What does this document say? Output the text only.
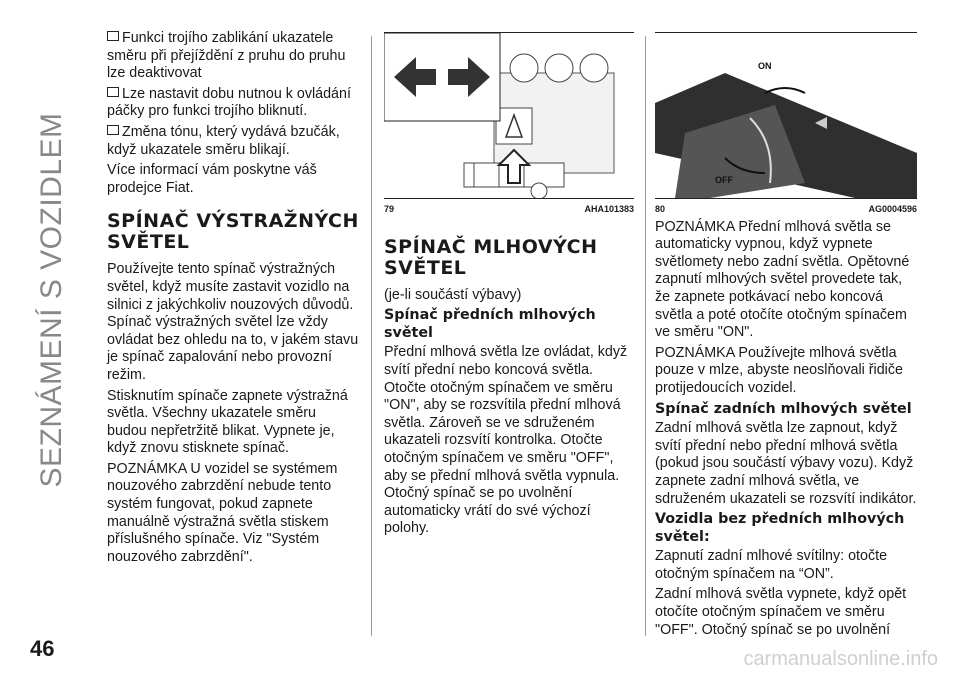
SEZNÁMENÍ S VOZIDLEM
46	carmanualsonline.info

Funkci trojího zablikání ukazatele směru při přejíždění z pruhu do pruhu lze deaktivovat

Lze nastavit dobu nutnou k ovládání páčky pro funkci trojího bliknutí.

Změna tónu, který vydává bzučák, když ukazatele směru blikají.

Více informací vám poskytne váš prodejce Fiat.

SPÍNAČ VÝSTRAŽNÝCH SVĚTEL

Používejte tento spínač výstražných světel, když musíte zastavit vozidlo na silnici z jakýchkoliv nouzových důvodů. Spínač výstražných světel lze vždy ovládat bez ohledu na to, v jakém stavu je spínač zapalování nebo provozní režim.

Stisknutím spínače zapnete výstražná světla. Všechny ukazatele směru budou nepřetržitě blikat. Vypnete je, když znovu stisknete spínač.

POZNÁMKA U vozidel se systémem nouzového zabrzdění nebude tento systém fungovat, pokud zapnete manuálně výstražná světla stiskem příslušného spínače. Viz "Systém nouzového zabrzdění".

79	AHA101383
SPÍNAČ MLHOVÝCH SVĚTEL

(je-li součástí výbavy)

Spínač předních mlhových světel

Přední mlhová světla lze ovládat, když svítí přední nebo koncová světla. Otočte otočným spínačem ve směru "ON", aby se rozsvítila přední mlhová světla. Zároveň se ve sdruženém ukazateli rozsvítí kontrolka. Otočte otočným spínačem ve směru "OFF", aby se přední mlhová světla vypnula. Otočný spínač se po uvolnění automaticky vrátí do své výchozí polohy.

ON
OFF
80	AG0004596

POZNÁMKA Přední mlhová světla se automaticky vypnou, když vypnete světlomety nebo zadní světla. Opětovné zapnutí mlhových světel provedete tak, že zapnete potkávací nebo koncová světla a poté otočíte otočným spínačem ve směru "ON".

POZNÁMKA Používejte mlhová světla pouze v mlze, abyste neoslňovali řidiče protijedoucích vozidel.

Spínač zadních mlhových světel

Zadní mlhová světla lze zapnout, když svítí přední nebo přední mlhová světla (pokud jsou součástí výbavy vozu). Když zapnete zadní mlhová světla, ve sdruženém ukazateli se rozsvítí indikátor.

Vozidla bez předních mlhových světel:

Zapnutí zadní mlhové svítilny: otočte otočným spínačem na “ON”.

Zadní mlhová světla vypnete, když opět otočíte otočným spínačem ve směru "OFF". Otočný spínač se po uvolnění
